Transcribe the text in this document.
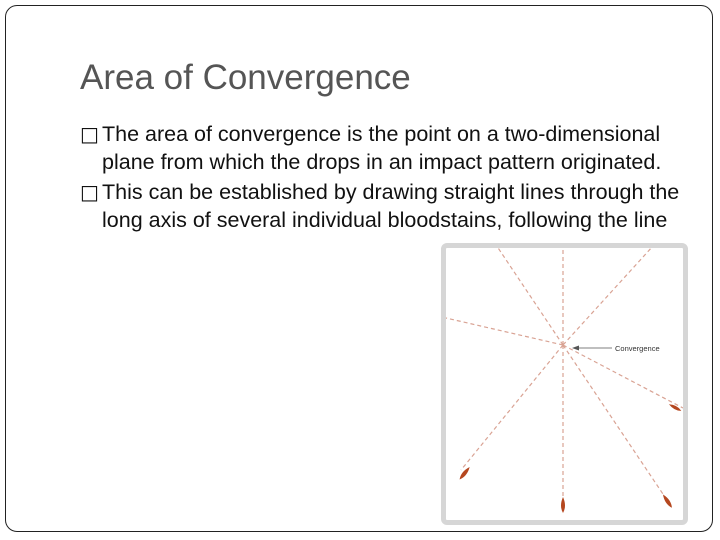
Area of Convergence
□ The area of convergence is the point on a two-dimensional plane from which the drops in an impact pattern originated.
□ This can be established by drawing straight lines through the long axis of several individual bloodstains, following the line
Convergence
